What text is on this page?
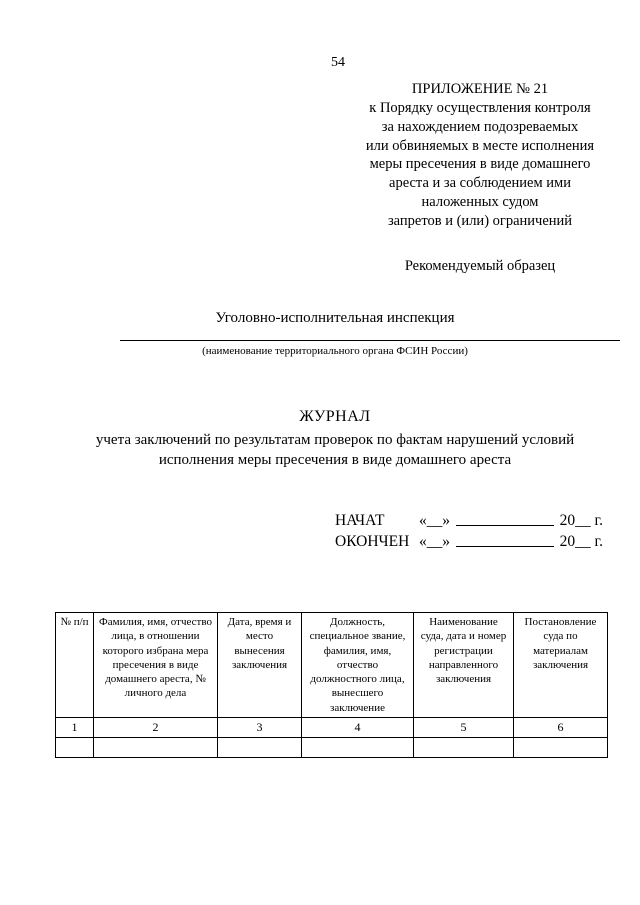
54
ПРИЛОЖЕНИЕ № 21
к Порядку осуществления контроля
за нахождением подозреваемых
или обвиняемых в месте исполнения
меры пресечения в виде домашнего
ареста и за соблюдением ими
наложенных судом
запретов и (или) ограничений
Рекомендуемый образец
Уголовно-исполнительная инспекция
(наименование территориального органа ФСИН России)
ЖУРНАЛ
учета заключений по результатам проверок по фактам нарушений условий
исполнения меры пресечения в виде домашнего ареста
НАЧАТ	«__»	20__ г.
ОКОНЧЕН «__»	20__ г.
№ п/п	Фамилия, имя, отчество лица, в отношении которого избрана мера пресечения в виде домашнего ареста, № личного дела	Дата, время и место вынесения заключения	Должность, специальное звание, фамилия, имя, отчество должностного лица, вынесшего заключение	Наименование суда, дата и номер регистрации направленного заключения	Постановление суда по материалам заключения
1	2	3	4	5	6
